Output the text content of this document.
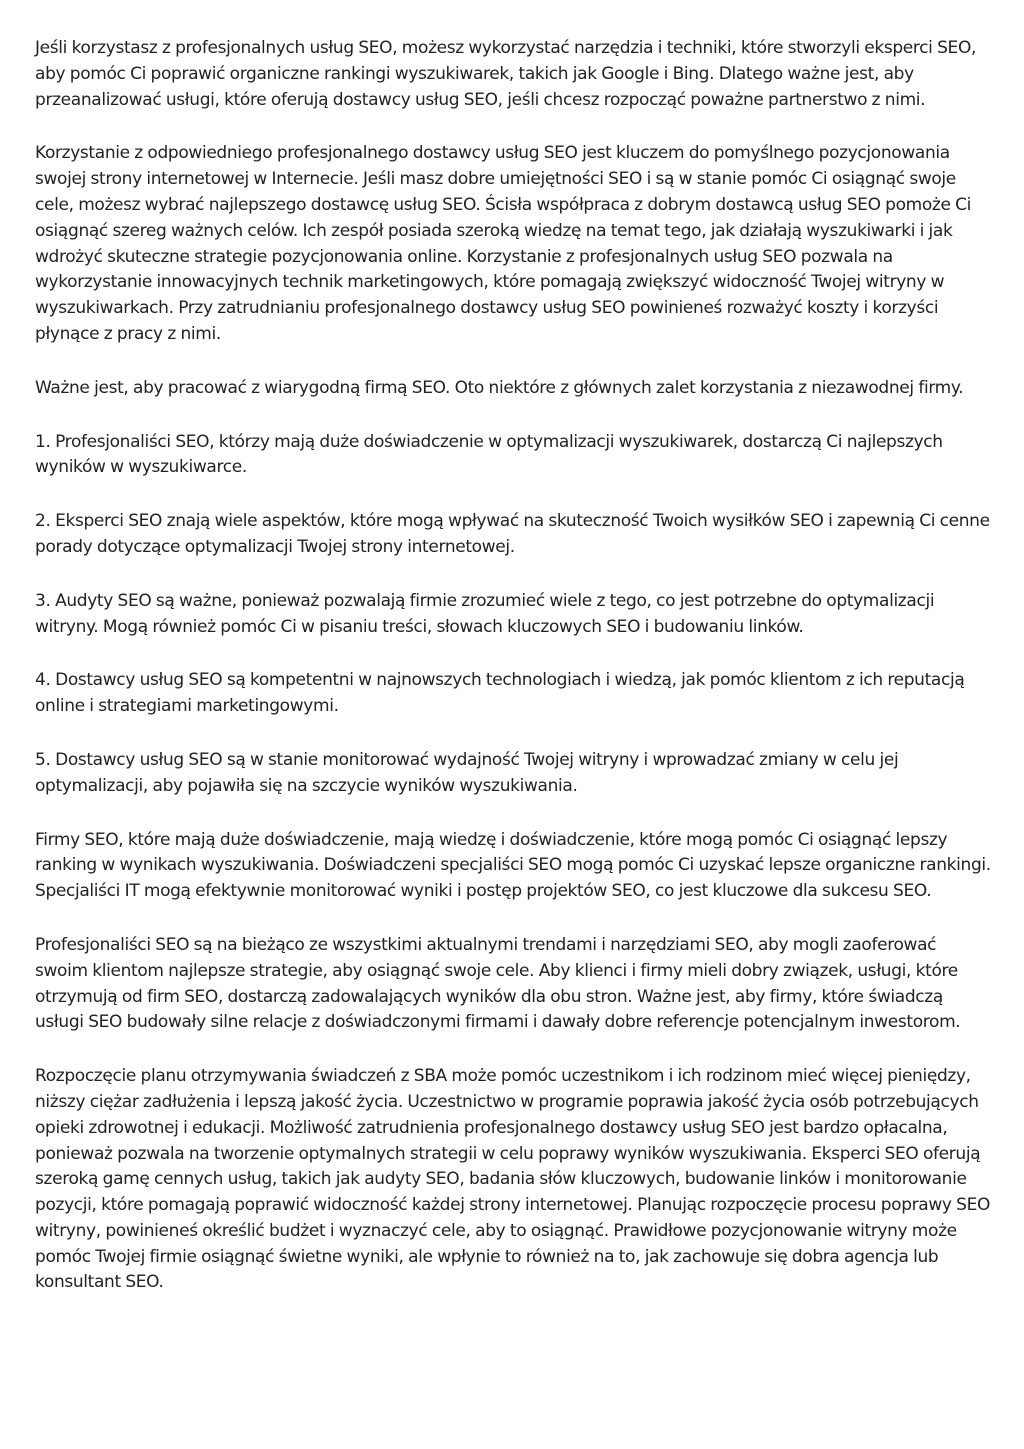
Jeśli korzystasz z profesjonalnych usług SEO, możesz wykorzystać narzędzia i techniki, które stworzyli eksperci SEO, aby pomóc Ci poprawić organiczne rankingi wyszukiwarek, takich jak Google i Bing. Dlatego ważne jest, aby przeanalizować usługi, które oferują dostawcy usług SEO, jeśli chcesz rozpocząć poważne partnerstwo z nimi.

Korzystanie z odpowiedniego profesjonalnego dostawcy usług SEO jest kluczem do pomyślnego pozycjonowania swojej strony internetowej w Internecie. Jeśli masz dobre umiejętności SEO i są w stanie pomóc Ci osiągnąć swoje cele, możesz wybrać najlepszego dostawcę usług SEO. Ścisła współpraca z dobrym dostawcą usług SEO pomoże Ci osiągnąć szereg ważnych celów. Ich zespół posiada szeroką wiedzę na temat tego, jak działają wyszukiwarki i jak wdrożyć skuteczne strategie pozycjonowania online. Korzystanie z profesjonalnych usług SEO pozwala na wykorzystanie innowacyjnych technik marketingowych, które pomagają zwiększyć widoczność Twojej witryny w wyszukiwarkach. Przy zatrudnianiu profesjonalnego dostawcy usług SEO powinieneś rozważyć koszty i korzyści płynące z pracy z nimi.

Ważne jest, aby pracować z wiarygodną firmą SEO. Oto niektóre z głównych zalet korzystania z niezawodnej firmy.

1. Profesjonaliści SEO, którzy mają duże doświadczenie w optymalizacji wyszukiwarek, dostarczą Ci najlepszych wyników w wyszukiwarce.

2. Eksperci SEO znają wiele aspektów, które mogą wpływać na skuteczność Twoich wysiłków SEO i zapewnią Ci cenne porady dotyczące optymalizacji Twojej strony internetowej.

3. Audyty SEO są ważne, ponieważ pozwalają firmie zrozumieć wiele z tego, co jest potrzebne do optymalizacji witryny. Mogą również pomóc Ci w pisaniu treści, słowach kluczowych SEO i budowaniu linków.

4. Dostawcy usług SEO są kompetentni w najnowszych technologiach i wiedzą, jak pomóc klientom z ich reputacją online i strategiami marketingowymi.

5. Dostawcy usług SEO są w stanie monitorować wydajność Twojej witryny i wprowadzać zmiany w celu jej optymalizacji, aby pojawiła się na szczycie wyników wyszukiwania.

Firmy SEO, które mają duże doświadczenie, mają wiedzę i doświadczenie, które mogą pomóc Ci osiągnąć lepszy ranking w wynikach wyszukiwania. Doświadczeni specjaliści SEO mogą pomóc Ci uzyskać lepsze organiczne rankingi. Specjaliści IT mogą efektywnie monitorować wyniki i postęp projektów SEO, co jest kluczowe dla sukcesu SEO.

Profesjonaliści SEO są na bieżąco ze wszystkimi aktualnymi trendami i narzędziami SEO, aby mogli zaoferować swoim klientom najlepsze strategie, aby osiągnąć swoje cele. Aby klienci i firmy mieli dobry związek, usługi, które otrzymują od firm SEO, dostarczą zadowalających wyników dla obu stron. Ważne jest, aby firmy, które świadczą usługi SEO budowały silne relacje z doświadczonymi firmami i dawały dobre referencje potencjalnym inwestorom.

Rozpoczęcie planu otrzymywania świadczeń z SBA może pomóc uczestnikom i ich rodzinom mieć więcej pieniędzy, niższy ciężar zadłużenia i lepszą jakość życia. Uczestnictwo w programie poprawia jakość życia osób potrzebujących opieki zdrowotnej i edukacji. Możliwość zatrudnienia profesjonalnego dostawcy usług SEO jest bardzo opłacalna, ponieważ pozwala na tworzenie optymalnych strategii w celu poprawy wyników wyszukiwania. Eksperci SEO oferują szeroką gamę cennych usług, takich jak audyty SEO, badania słów kluczowych, budowanie linków i monitorowanie pozycji, które pomagają poprawić widoczność każdej strony internetowej. Planując rozpoczęcie procesu poprawy SEO witryny, powinieneś określić budżet i wyznaczyć cele, aby to osiągnąć. Prawidłowe pozycjonowanie witryny może pomóc Twojej firmie osiągnąć świetne wyniki, ale wpłynie to również na to, jak zachowuje się dobra agencja lub konsultant SEO.
